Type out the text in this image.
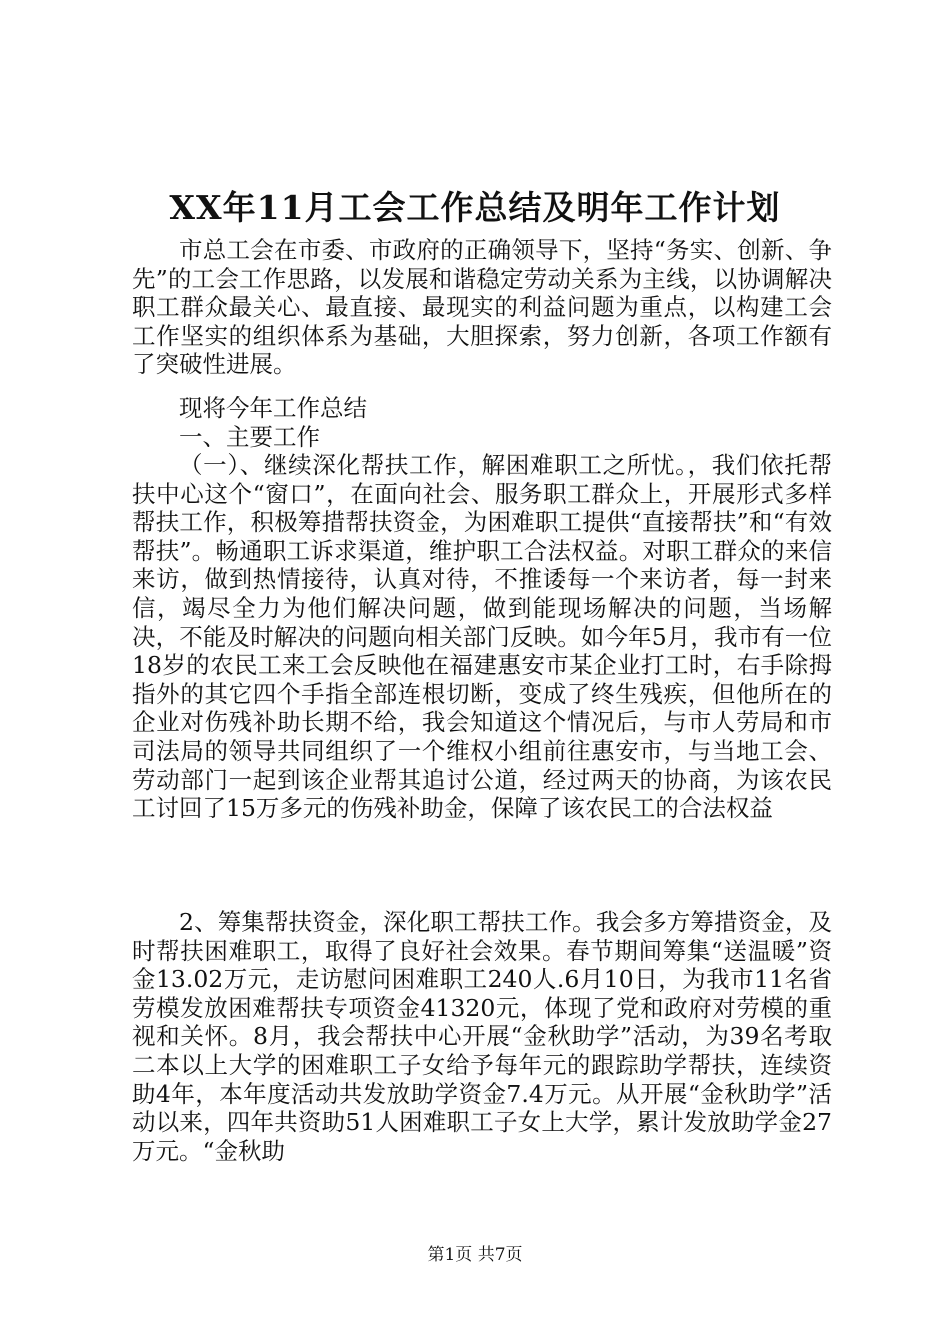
XX年11月工会工作总结及明年工作计划

市总工会在市委、市政府的正确领导下，坚持“务实、创新、争先”的工会工作思路，以发展和谐稳定劳动关系为主线，以协调解决职工群众最关心、最直接、最现实的利益问题为重点，以构建工会工作坚实的组织体系为基础，大胆探索，努力创新，各项工作额有了突破性进展。

现将今年工作总结

一、主要工作

（一）、继续深化帮扶工作，解困难职工之所忧。，我们依托帮扶中心这个“窗口”，在面向社会、服务职工群众上，开展形式多样帮扶工作，积极筹措帮扶资金，为困难职工提供“直接帮扶”和“有效帮扶”。畅通职工诉求渠道，维护职工合法权益。对职工群众的来信来访，做到热情接待，认真对待，不推诿每一个来访者，每一封来信，竭尽全力为他们解决问题，做到能现场解决的问题，当场解决，不能及时解决的问题向相关部门反映。如今年5月，我市有一位18岁的农民工来工会反映他在福建惠安市某企业打工时，右手除拇指外的其它四个手指全部连根切断，变成了终生残疾，但他所在的企业对伤残补助长期不给，我会知道这个情况后，与市人劳局和市司法局的领导共同组织了一个维权小组前往惠安市，与当地工会、劳动部门一起到该企业帮其追讨公道，经过两天的协商，为该农民工讨回了15万多元的伤残补助金，保障了该农民工的合法权益

2、筹集帮扶资金，深化职工帮扶工作。我会多方筹措资金，及时帮扶困难职工，取得了良好社会效果。春节期间筹集“送温暖”资金13.02万元，走访慰问困难职工240人.6月10日，为我市11名省劳模发放困难帮扶专项资金41320元，体现了党和政府对劳模的重视和关怀。8月，我会帮扶中心开展“金秋助学”活动，为39名考取二本以上大学的困难职工子女给予每年元的跟踪助学帮扶，连续资助4年，本年度活动共发放助学资金7.4万元。从开展“金秋助学”活动以来，四年共资助51人困难职工子女上大学，累计发放助学金27万元。“金秋助

第1页 共7页
